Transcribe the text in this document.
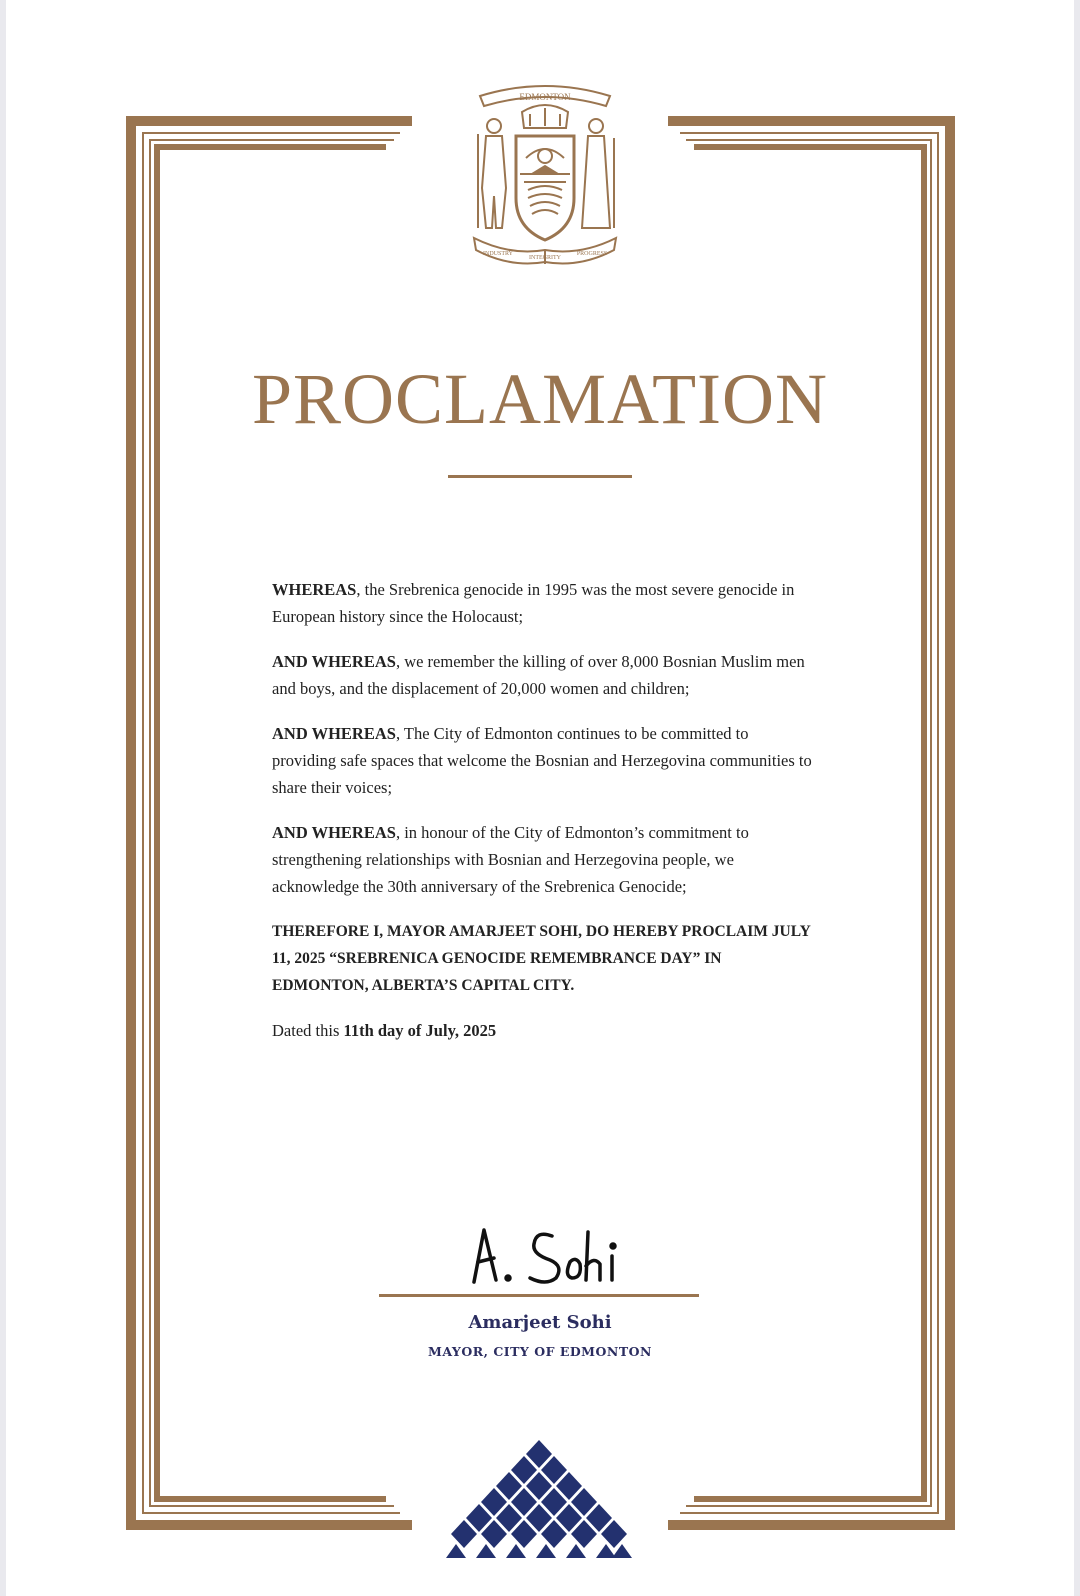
EDMONTON
INDUSTRY
INTEGRITY
PROGRESS
PROCLAMATION

WHEREAS, the Srebrenica genocide in 1995 was the most severe genocide in European history since the Holocaust;

AND WHEREAS, we remember the killing of over 8,000 Bosnian Muslim men and boys, and the displacement of 20,000 women and children;

AND WHEREAS, The City of Edmonton continues to be committed to providing safe spaces that welcome the Bosnian and Herzegovina communities to share their voices;

AND WHEREAS, in honour of the City of Edmonton’s commitment to strengthening relationships with Bosnian and Herzegovina people, we acknowledge the 30th anniversary of the Srebrenica Genocide;

THEREFORE I, MAYOR AMARJEET SOHI, DO HEREBY PROCLAIM JULY 11, 2025 “SREBRENICA GENOCIDE REMEMBRANCE DAY” IN EDMONTON, ALBERTA’S CAPITAL CITY.

Dated this 11th day of July, 2025

Amarjeet Sohi
MAYOR, CITY OF EDMONTON
